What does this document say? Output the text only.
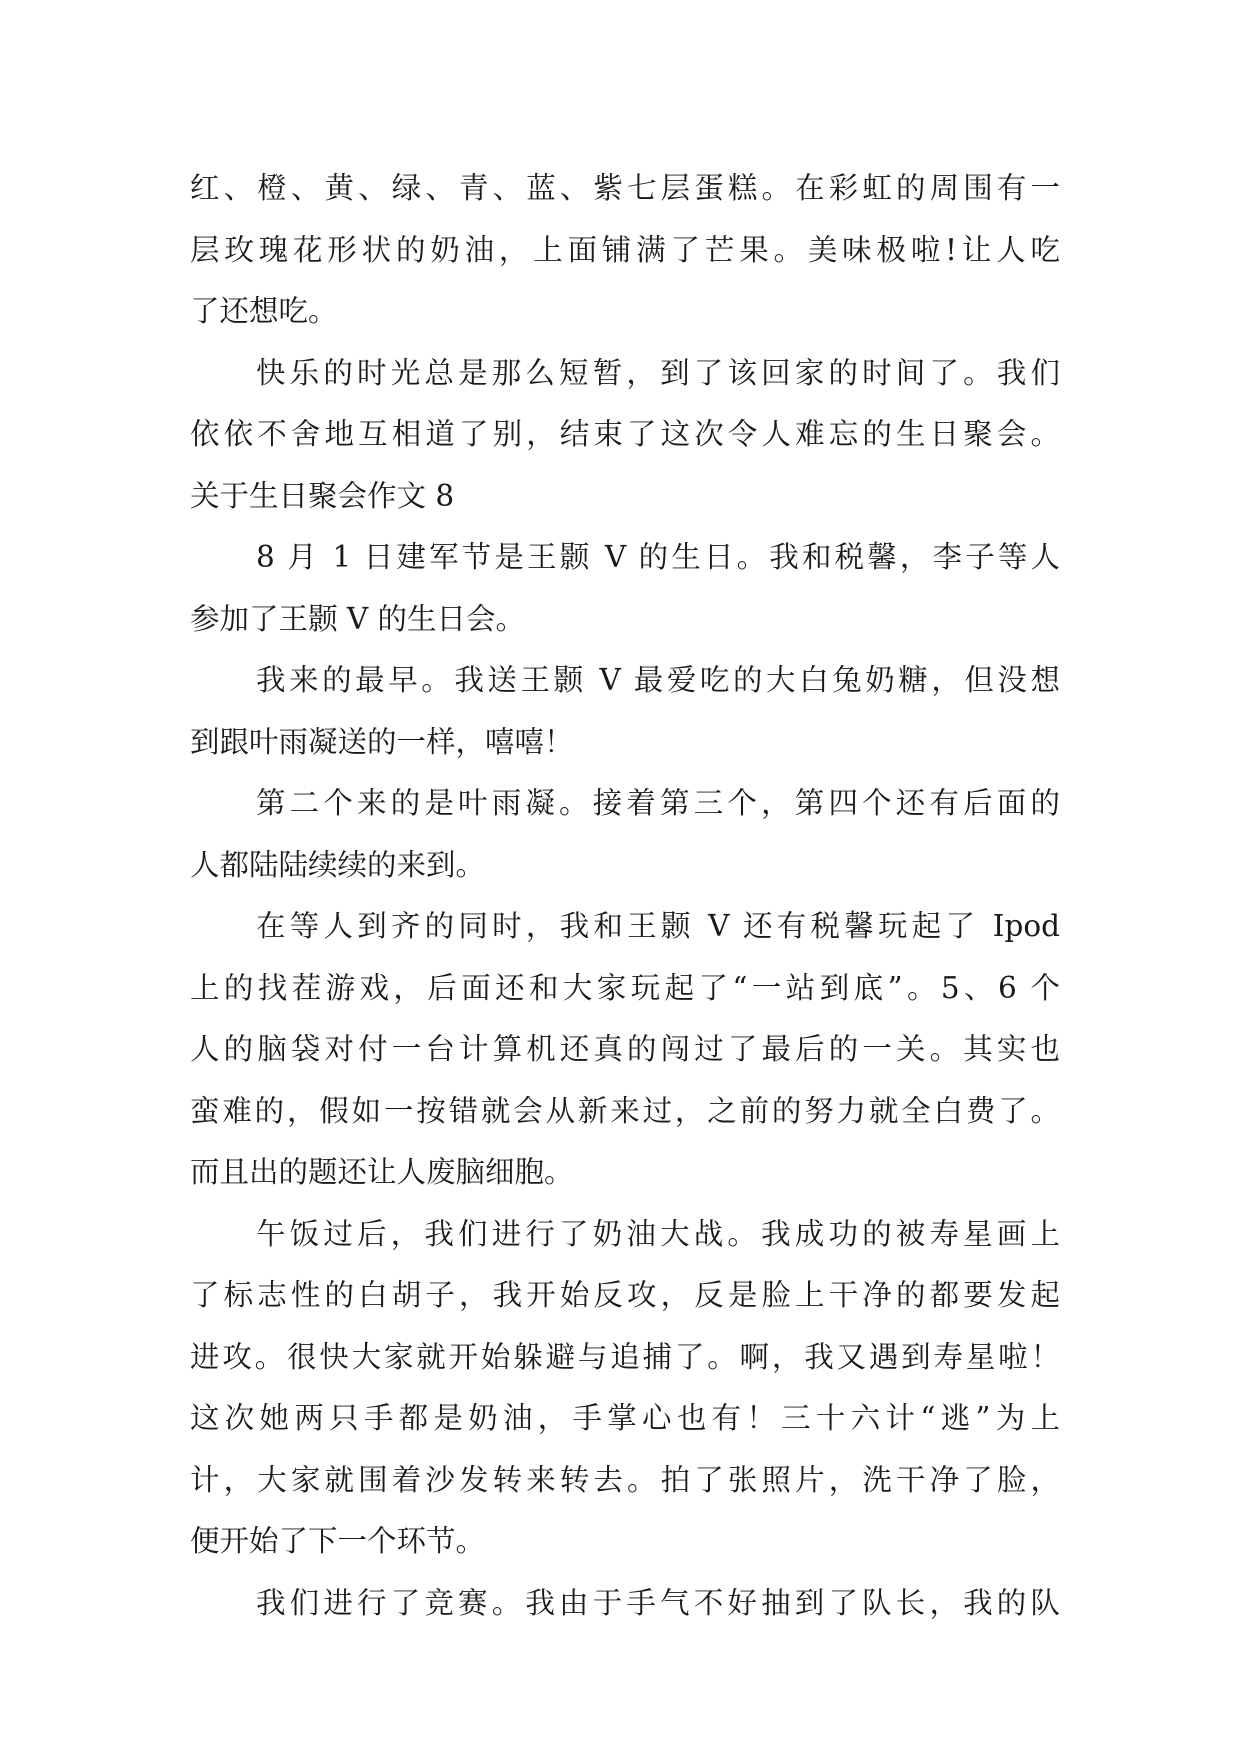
红、橙、黄、绿、青、蓝、紫七层蛋糕。在彩虹的周围有一
层玫瑰花形状的奶油，上面铺满了芒果。美味极啦!让人吃
了还想吃。
快乐的时光总是那么短暂，到了该回家的时间了。我们
依依不舍地互相道了别，结束了这次令人难忘的生日聚会。
关于生日聚会作文 8
8 月 1 日建军节是王颢 V 的生日。我和税馨，李子等人
参加了王颢 V 的生日会。
我来的最早。我送王颢 V 最爱吃的大白兔奶糖，但没想
到跟叶雨凝送的一样，嘻嘻！
第二个来的是叶雨凝。接着第三个，第四个还有后面的
人都陆陆续续的来到。
在等人到齐的同时，我和王颢 V 还有税馨玩起了 Ipod
上的找茬游戏，后面还和大家玩起了“一站到底”。5、6 个
人的脑袋对付一台计算机还真的闯过了最后的一关。其实也
蛮难的，假如一按错就会从新来过，之前的努力就全白费了。
而且出的题还让人废脑细胞。
午饭过后，我们进行了奶油大战。我成功的被寿星画上
了标志性的白胡子，我开始反攻，反是脸上干净的都要发起
进攻。很快大家就开始躲避与追捕了。啊，我又遇到寿星啦！
这次她两只手都是奶油，手掌心也有！三十六计“逃”为上
计，大家就围着沙发转来转去。拍了张照片，洗干净了脸，
便开始了下一个环节。
我们进行了竞赛。我由于手气不好抽到了队长，我的队
